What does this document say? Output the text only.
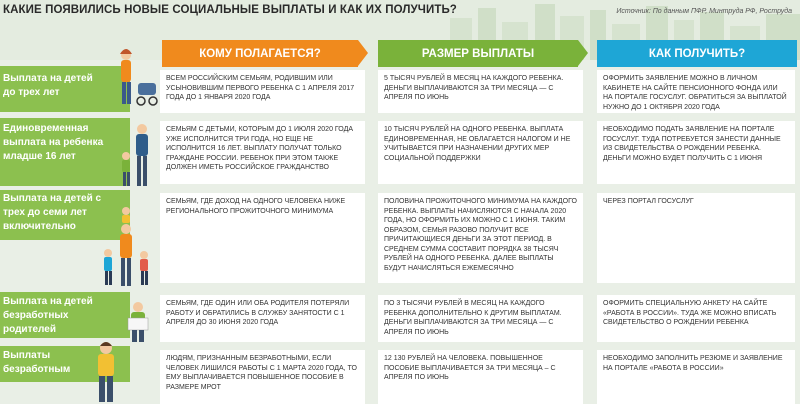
КАКИЕ ПОЯВИЛИСЬ НОВЫЕ СОЦИАЛЬНЫЕ ВЫПЛАТЫ И КАК ИХ ПОЛУЧИТЬ?	Источник: По данным ПФР, Минтруда РФ, Роструда
КОМУ ПОЛАГАЕТСЯ?	РАЗМЕР ВЫПЛАТЫ	КАК ПОЛУЧИТЬ?
Выплата на детей до трех лет
ВСЕМ РОССИЙСКИМ СЕМЬЯМ, РОДИВШИМ ИЛИ УСЫНОВИВШИМ ПЕРВОГО РЕБЕНКА С 1 АПРЕЛЯ 2017 ГОДА ДО 1 ЯНВАРЯ 2020 ГОДА
5 ТЫСЯЧ РУБЛЕЙ В МЕСЯЦ НА КАЖДОГО РЕБЕНКА. ДЕНЬГИ ВЫПЛАЧИВАЮТСЯ ЗА ТРИ МЕСЯЦА — С АПРЕЛЯ ПО ИЮНЬ
ОФОРМИТЬ ЗАЯВЛЕНИЕ МОЖНО В ЛИЧНОМ КАБИНЕТЕ НА САЙТЕ ПЕНСИОННОГО ФОНДА ИЛИ НА ПОРТАЛЕ ГОСУСЛУГ. ОБРАТИТЬСЯ ЗА ВЫПЛАТОЙ НУЖНО ДО 1 ОКТЯБРЯ 2020 ГОДА
Единовременная выплата на ребенка младше 16 лет
СЕМЬЯМ С ДЕТЬМИ, КОТОРЫМ ДО 1 ИЮЛЯ 2020 ГОДА УЖЕ ИСПОЛНИТСЯ ТРИ ГОДА, НО ЕЩЕ НЕ ИСПОЛНИТСЯ 16 ЛЕТ. ВЫПЛАТУ ПОЛУЧАТ ТОЛЬКО ГРАЖДАНЕ РОССИИ. РЕБЕНОК ПРИ ЭТОМ ТАКЖЕ ДОЛЖЕН ИМЕТЬ РОССИЙСКОЕ ГРАЖДАНСТВО
10 ТЫСЯЧ РУБЛЕЙ НА ОДНОГО РЕБЕНКА. ВЫПЛАТА ЕДИНОВРЕМЕННАЯ, НЕ ОБЛАГАЕТСЯ НАЛОГОМ И НЕ УЧИТЫВАЕТСЯ ПРИ НАЗНАЧЕНИИ ДРУГИХ МЕР СОЦИАЛЬНОЙ ПОДДЕРЖКИ
НЕОБХОДИМО ПОДАТЬ ЗАЯВЛЕНИЕ НА ПОРТАЛЕ ГОСУСЛУГ. ТУДА ПОТРЕБУЕТСЯ ЗАНЕСТИ ДАННЫЕ ИЗ СВИДЕТЕЛЬСТВА О РОЖДЕНИИ РЕБЕНКА. ДЕНЬГИ МОЖНО БУДЕТ ПОЛУЧИТЬ С 1 ИЮНЯ
Выплата на детей с трех до семи лет включительно
СЕМЬЯМ, ГДЕ ДОХОД НА ОДНОГО ЧЕЛОВЕКА НИЖЕ РЕГИОНАЛЬНОГО ПРОЖИТОЧНОГО МИНИМУМА
ПОЛОВИНА ПРОЖИТОЧНОГО МИНИМУМА НА КАЖДОГО РЕБЕНКА. ВЫПЛАТЫ НАЧИСЛЯЮТСЯ С НАЧАЛА 2020 ГОДА, НО ОФОРМИТЬ ИХ МОЖНО С 1 ИЮНЯ. ТАКИМ ОБРАЗОМ, СЕМЬЯ РАЗОВО ПОЛУЧИТ ВСЕ ПРИЧИТАЮЩИЕСЯ ДЕНЬГИ ЗА ЭТОТ ПЕРИОД. В СРЕДНЕМ СУММА СОСТАВИТ ПОРЯДКА 38 ТЫСЯЧ РУБЛЕЙ НА ОДНОГО РЕБЕНКА. ДАЛЕЕ ВЫПЛАТЫ БУДУТ НАЧИСЛЯТЬСЯ ЕЖЕМЕСЯЧНО
ЧЕРЕЗ ПОРТАЛ ГОСУСЛУГ
Выплата на детей безработных родителей
СЕМЬЯМ, ГДЕ ОДИН ИЛИ ОБА РОДИТЕЛЯ ПОТЕРЯЛИ РАБОТУ И ОБРАТИЛИСЬ В СЛУЖБУ ЗАНЯТОСТИ С 1 АПРЕЛЯ ДО 30 ИЮНЯ 2020 ГОДА
ПО 3 ТЫСЯЧИ РУБЛЕЙ В МЕСЯЦ НА КАЖДОГО РЕБЕНКА ДОПОЛНИТЕЛЬНО К ДРУГИМ ВЫПЛАТАМ. ДЕНЬГИ ВЫПЛАЧИВАЮТСЯ ЗА ТРИ МЕСЯЦА — С АПРЕЛЯ ПО ИЮНЬ
ОФОРМИТЬ СПЕЦИАЛЬНУЮ АНКЕТУ НА САЙТЕ «РАБОТА В РОССИИ». ТУДА ЖЕ МОЖНО ВПИСАТЬ СВИДЕТЕЛЬСТВО О РОЖДЕНИИ РЕБЕНКА
Выплаты безработным
ЛЮДЯМ, ПРИЗНАННЫМ БЕЗРАБОТНЫМИ, ЕСЛИ ЧЕЛОВЕК ЛИШИЛСЯ РАБОТЫ С 1 МАРТА 2020 ГОДА, ТО ЕМУ ВЫПЛАЧИВАЕТСЯ ПОВЫШЕННОЕ ПОСОБИЕ В РАЗМЕРЕ МРОТ
12 130 РУБЛЕЙ НА ЧЕЛОВЕКА. ПОВЫШЕННОЕ ПОСОБИЕ ВЫПЛАЧИВАЕТСЯ ЗА ТРИ МЕСЯЦА – С АПРЕЛЯ ПО ИЮНЬ
НЕОБХОДИМО ЗАПОЛНИТЬ РЕЗЮМЕ И ЗАЯВЛЕНИЕ НА ПОРТАЛЕ «РАБОТА В РОССИИ»
